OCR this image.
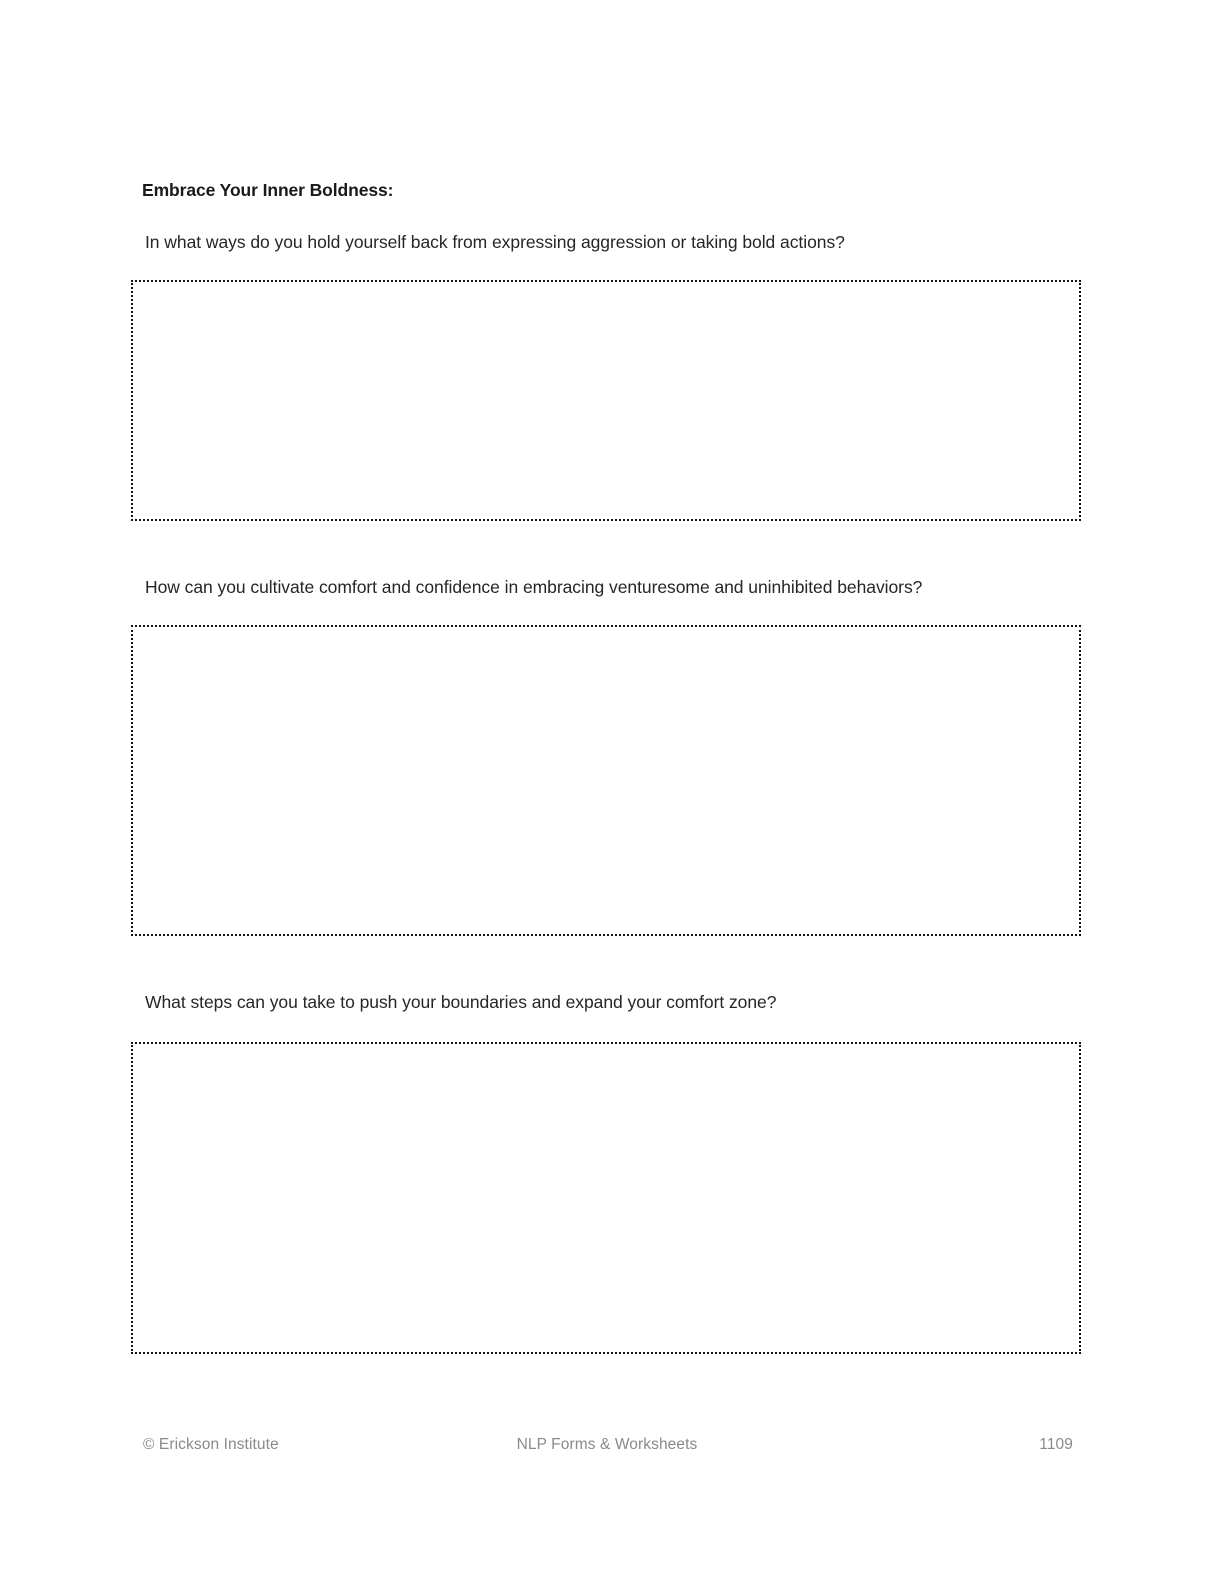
Embrace Your Inner Boldness:
In what ways do you hold yourself back from expressing aggression or taking bold actions?
How can you cultivate comfort and confidence in embracing venturesome and uninhibited behaviors?
What steps can you take to push your boundaries and expand your comfort zone?
© Erickson Institute	NLP Forms & Worksheets	1109
